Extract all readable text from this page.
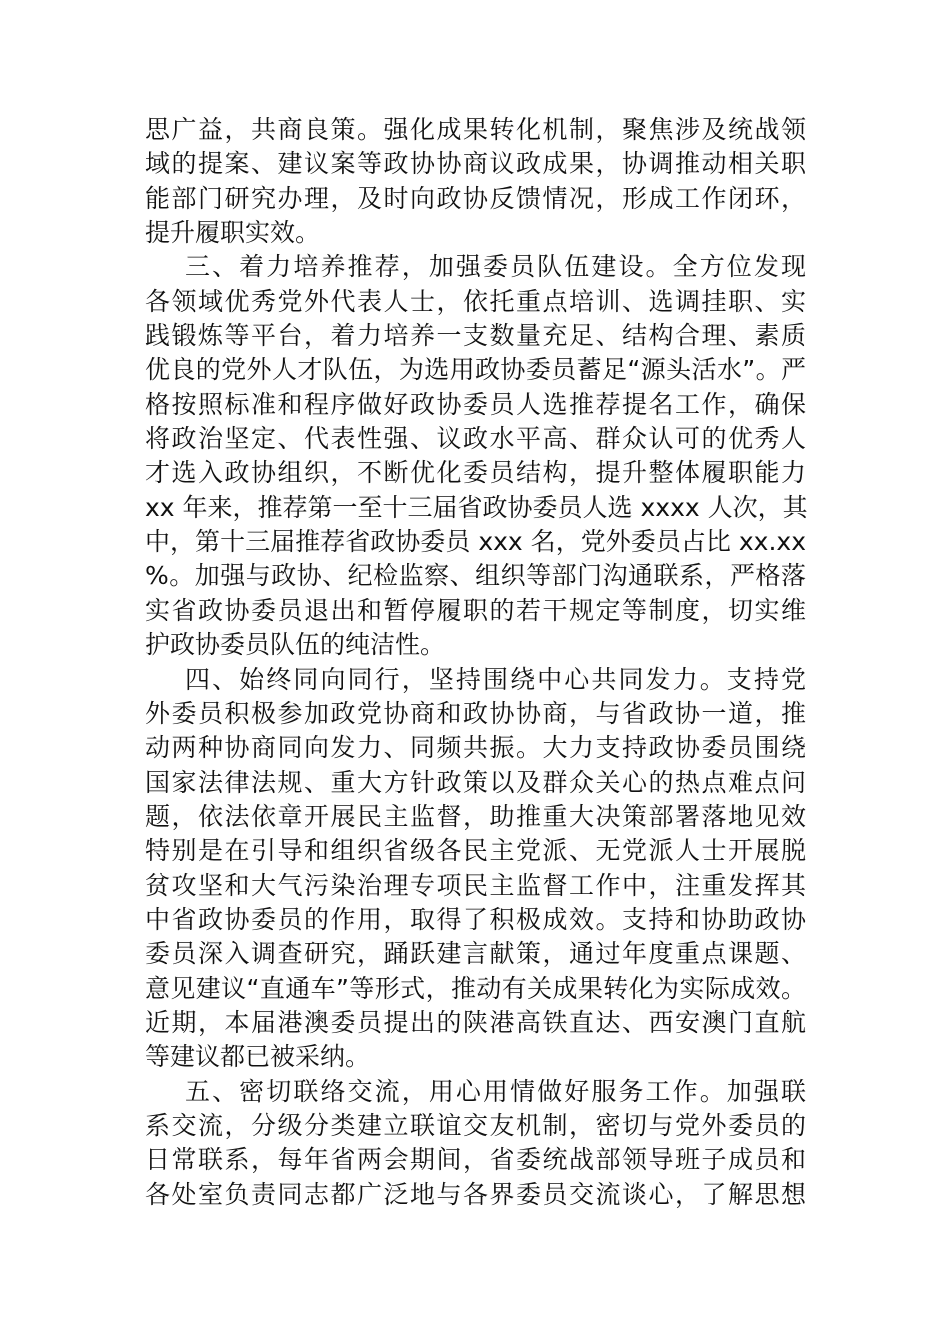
思广益，共商良策。强化成果转化机制，聚焦涉及统战领
域的提案、建议案等政协协商议政成果，协调推动相关职
能部门研究办理，及时向政协反馈情况，形成工作闭环，
提升履职实效。
三、着力培养推荐，加强委员队伍建设。全方位发现
各领域优秀党外代表人士，依托重点培训、选调挂职、实
践锻炼等平台，着力培养一支数量充足、结构合理、素质
优良的党外人才队伍，为选用政协委员蓄足“源头活水”。严
格按照标准和程序做好政协委员人选推荐提名工作，确保
将政治坚定、代表性强、议政水平高、群众认可的优秀人
才选入政协组织，不断优化委员结构，提升整体履职能力
xx 年来，推荐第一至十三届省政协委员人选 xxxx 人次，其
中，第十三届推荐省政协委员 xxx 名，党外委员占比 xx.xx
%。加强与政协、纪检监察、组织等部门沟通联系，严格落
实省政协委员退出和暂停履职的若干规定等制度，切实维
护政协委员队伍的纯洁性。
四、始终同向同行，坚持围绕中心共同发力。支持党
外委员积极参加政党协商和政协协商，与省政协一道，推
动两种协商同向发力、同频共振。大力支持政协委员围绕
国家法律法规、重大方针政策以及群众关心的热点难点问
题，依法依章开展民主监督，助推重大决策部署落地见效
特别是在引导和组织省级各民主党派、无党派人士开展脱
贫攻坚和大气污染治理专项民主监督工作中，注重发挥其
中省政协委员的作用，取得了积极成效。支持和协助政协
委员深入调查研究，踊跃建言献策，通过年度重点课题、
意见建议“直通车”等形式，推动有关成果转化为实际成效。
近期，本届港澳委员提出的陕港高铁直达、西安澳门直航
等建议都已被采纳。
五、密切联络交流，用心用情做好服务工作。加强联
系交流，分级分类建立联谊交友机制，密切与党外委员的
日常联系，每年省两会期间，省委统战部领导班子成员和
各处室负责同志都广泛地与各界委员交流谈心，了解思想
